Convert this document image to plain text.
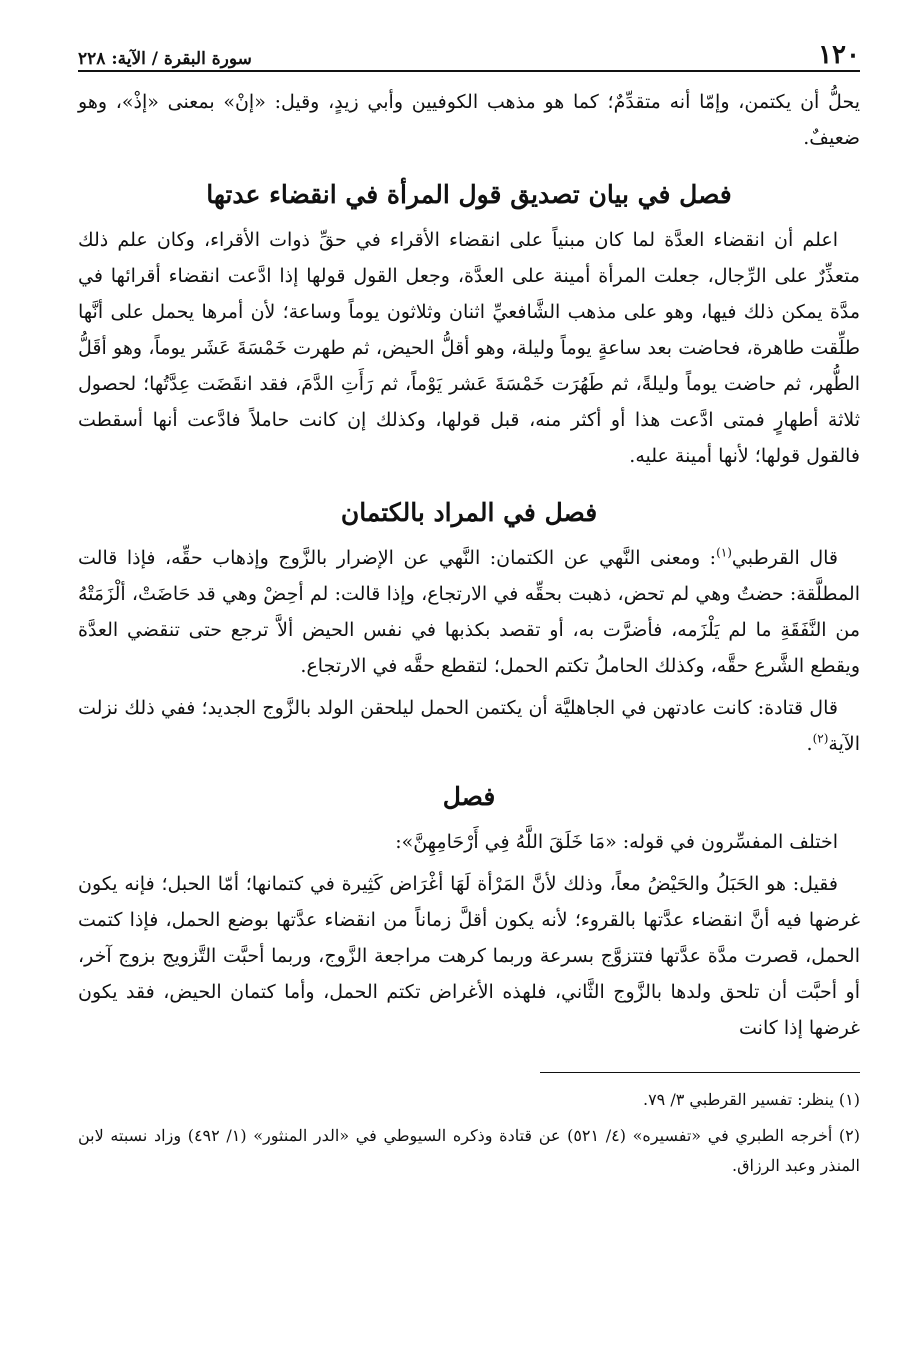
١٢٠
سورة البقرة / الآية: ٢٢٨

يحلُّ أن يكتمن، وإمّا أنه متقدِّمٌ؛ كما هو مذهب الكوفيين وأبي زيدٍ، وقيل: «إنْ» بمعنى «إذْ»، وهو ضعيفٌ.

فصل في بيان تصديق قول المرأة في انقضاء عدتها

اعلم أن انقضاء العدَّة لما كان مبنياً على انقضاء الأقراء في حقِّ ذوات الأقراء، وكان علم ذلك متعذِّرٌ على الرِّجال، جعلت المرأة أمينة على العدَّة، وجعل القول قولها إذا ادَّعت انقضاء أقرائها في مدَّة يمكن ذلك فيها، وهو على مذهب الشَّافعيِّ اثنان وثلاثون يوماً وساعة؛ لأن أمرها يحمل على أنَّها طلِّقت طاهرة، فحاضت بعد ساعةٍ يوماً وليلة، وهو أقلُّ الحيض، ثم طهرت خَمْسَةَ عَشَر يوماً، وهو أقَلُّ الطُّهر، ثم حاضت يوماً وليلةً، ثم طَهُرَت خَمْسَةَ عَشر يَوْماً، ثم رَأَتِ الدَّمَ، فقد انقَضَت عِدَّتُها؛ لحصول ثلاثة أطهارٍ فمتى ادَّعت هذا أو أكثر منه، قبل قولها، وكذلك إن كانت حاملاً فادَّعت أنها أسقطت فالقول قولها؛ لأنها أمينة عليه.

فصل في المراد بالكتمان

قال القرطبي$^{(١)}$: ومعنى النَّهي عن الكتمان: النَّهي عن الإضرار بالزَّوج وإذهاب حقِّه، فإذا قالت المطلَّقة: حضتُ وهي لم تحض، ذهبت بحقِّه في الارتجاع، وإذا قالت: لم أحِضْ وهي قد حَاضَتْ، ألْزَمَتْهُ من النَّفَقَةِ ما لم يَلْزَمه، فأضرَّت به، أو تقصد بكذبها في نفس الحيض ألاَّ ترجع حتى تنقضي العدَّة ويقطع الشَّرع حقَّه، وكذلك الحاملُ تكتم الحمل؛ لتقطع حقَّه في الارتجاع.

قال قتادة: كانت عادتهن في الجاهليَّة أن يكتمن الحمل ليلحقن الولد بالزَّوج الجديد؛ ففي ذلك نزلت الآية$^{(٢)}$.

فصل

اختلف المفسِّرون في قوله: «مَا خَلَقَ اللَّهُ فِي أَرْحَامِهِنَّ»:

فقيل: هو الحَبَلُ والحَيْضُ معاً، وذلك لأنَّ المَرْأة لَهَا أغْرَاض كَثِيرة في كتمانها؛ أمّا الحبل؛ فإنه يكون غرضها فيه أنَّ انقضاء عدَّتها بالقروء؛ لأنه يكون أقلَّ زماناً من انقضاء عدَّتها بوضع الحمل، فإذا كتمت الحمل، قصرت مدَّة عدَّتها فتتزوَّج بسرعة وربما كرهت مراجعة الزَّوج، وربما أحبَّت التَّزويج بزوج آخر، أو أحبَّت أن تلحق ولدها بالزَّوج الثَّاني، فلهذه الأغراض تكتم الحمل، وأما كتمان الحيض، فقد يكون غرضها إذا كانت

(١) ينظر: تفسير القرطبي ٣/ ٧٩.

(٢) أخرجه الطبري في «تفسيره» (٤/ ٥٢١) عن قتادة وذكره السيوطي في «الدر المنثور» (١/ ٤٩٢) وزاد نسبته لابن المنذر وعبد الرزاق.
